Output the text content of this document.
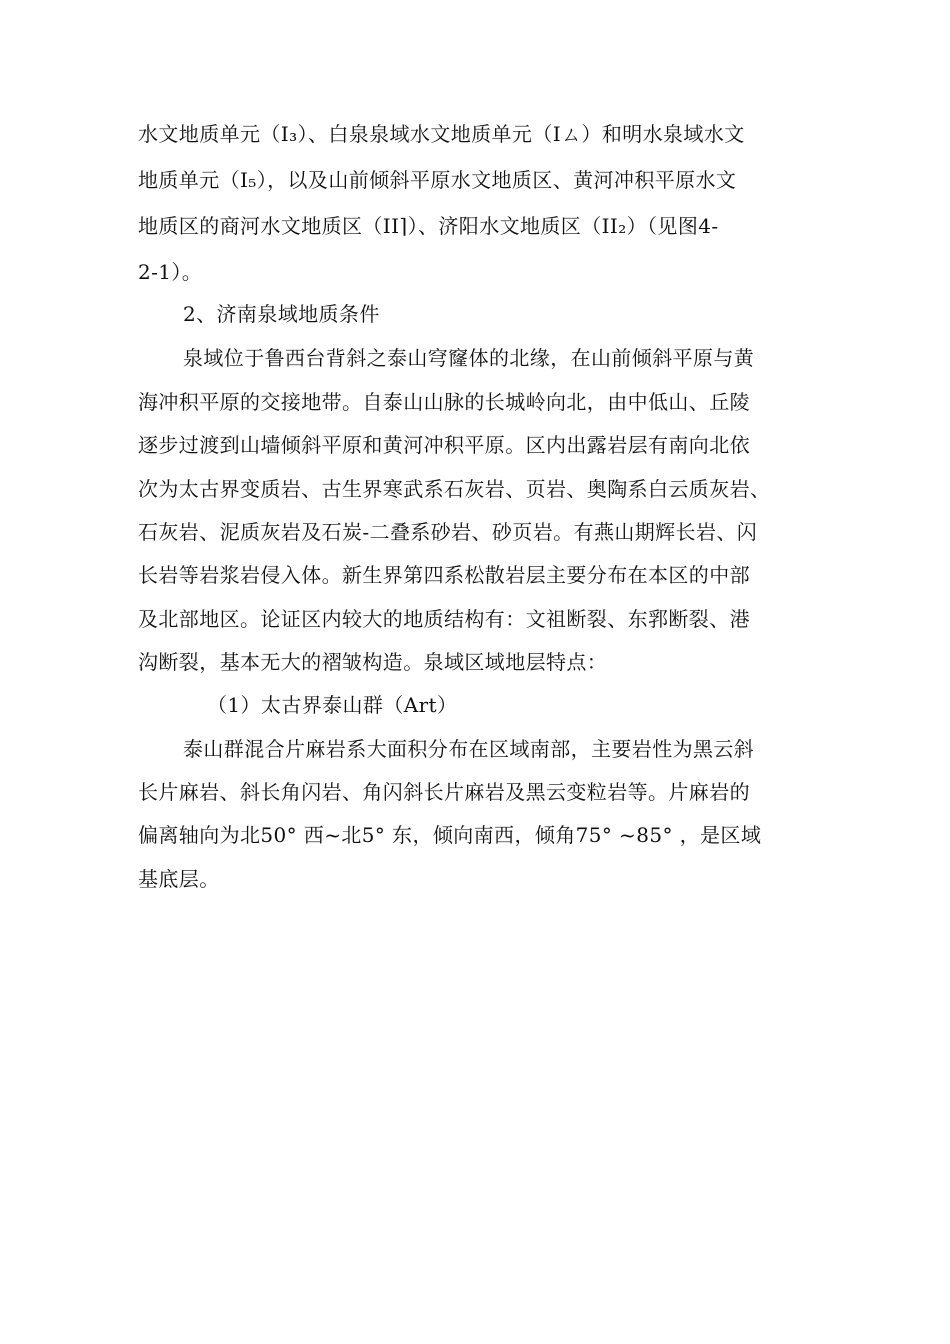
水文地质单元（I₃）、白泉泉域水文地质单元（Iㄙ）和明水泉域水文
地质单元（I₅），以及山前倾斜平原水文地质区、黄河冲积平原水文
地质区的商河水文地质区（II⌉）、济阳水文地质区（II₂）（见图4-
2-1）。
2、济南泉域地质条件
泉域位于鲁西台背斜之泰山穹窿体的北缘，在山前倾斜平原与黄
海冲积平原的交接地带。自泰山山脉的长城岭向北，由中低山、丘陵
逐步过渡到山墙倾斜平原和黄河冲积平原。区内出露岩层有南向北依
次为太古界变质岩、古生界寒武系石灰岩、页岩、奥陶系白云质灰岩、
石灰岩、泥质灰岩及石炭-二叠系砂岩、砂页岩。有燕山期辉长岩、闪
长岩等岩浆岩侵入体。新生界第四系松散岩层主要分布在本区的中部
及北部地区。论证区内较大的地质结构有：文祖断裂、东郛断裂、港
沟断裂，基本无大的褶皱构造。泉域区域地层特点：
（1）太古界泰山群（Art）
泰山群混合片麻岩系大面积分布在区域南部，主要岩性为黑云斜
长片麻岩、斜长角闪岩、角闪斜长片麻岩及黑云变粒岩等。片麻岩的
偏离轴向为北50° 西~北5° 东，倾向南西，倾角75° ~85° ，是区域
基底层。
